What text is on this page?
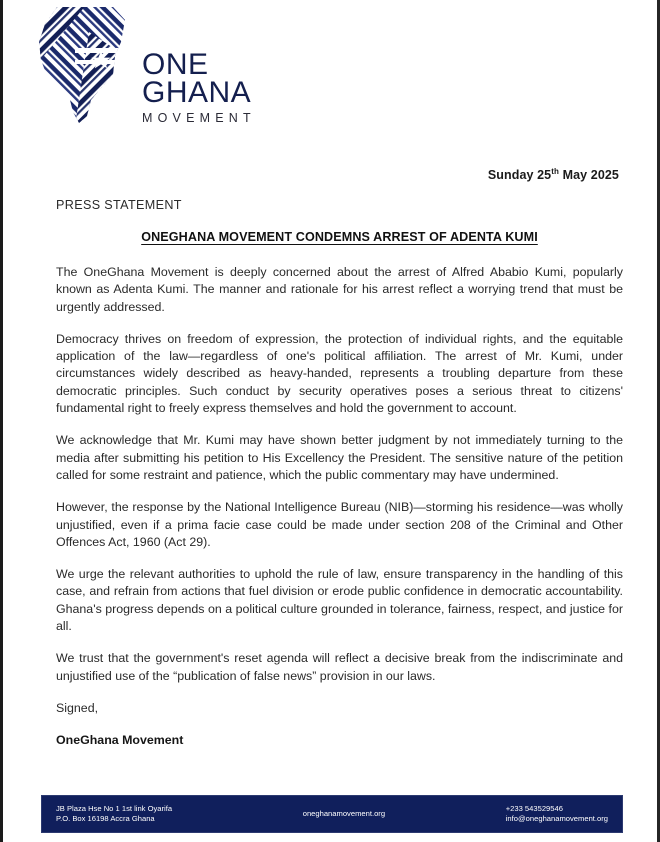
ONE
GHANA
MOVEMENT
Sunday 25th May 2025
PRESS STATEMENT
ONEGHANA MOVEMENT CONDEMNS ARREST OF ADENTA KUMI

The OneGhana Movement is deeply concerned about the arrest of Alfred Ababio Kumi, popularly known as Adenta Kumi. The manner and rationale for his arrest reflect a worrying trend that must be urgently addressed.

Democracy thrives on freedom of expression, the protection of individual rights, and the equitable application of the law—regardless of one's political affiliation. The arrest of Mr. Kumi, under circumstances widely described as heavy-handed, represents a troubling departure from these democratic principles. Such conduct by security operatives poses a serious threat to citizens' fundamental right to freely express themselves and hold the government to account.

We acknowledge that Mr. Kumi may have shown better judgment by not immediately turning to the media after submitting his petition to His Excellency the President. The sensitive nature of the petition called for some restraint and patience, which the public commentary may have undermined.

However, the response by the National Intelligence Bureau (NIB)—storming his residence—was wholly unjustified, even if a prima facie case could be made under section 208 of the Criminal and Other Offences Act, 1960 (Act 29).

We urge the relevant authorities to uphold the rule of law, ensure transparency in the handling of this case, and refrain from actions that fuel division or erode public confidence in democratic accountability. Ghana's progress depends on a political culture grounded in tolerance, fairness, respect, and justice for all.

We trust that the government's reset agenda will reflect a decisive break from the indiscriminate and unjustified use of the “publication of false news” provision in our laws.

Signed,

OneGhana Movement

JB Plaza Hse No 1 1st link Oyarifa
P.O. Box 16198 Accra Ghana
oneghanamovement.org
+233 543529546
info@oneghanamovement.org
